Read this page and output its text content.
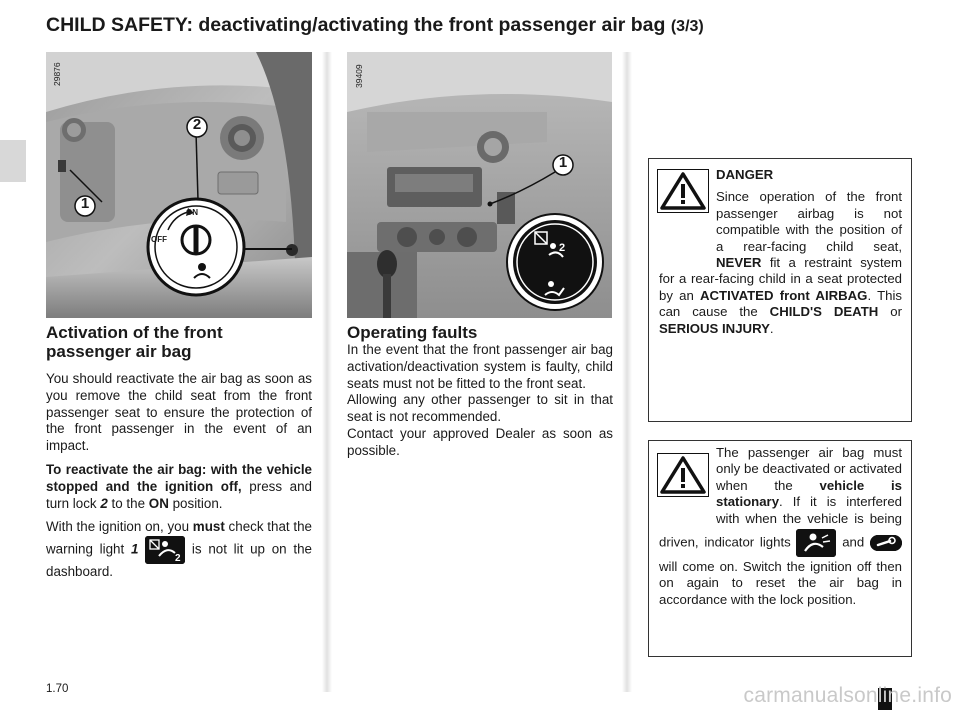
CHILD SAFETY: deactivating/activating the front passenger air bag (3/3)
29876
1
2
ON
OFF
39409
1
2
Activation of the front passenger air bag

You should reactivate the air bag as soon as you remove the child seat from the front passenger seat to ensure the protection of the front passenger in the event of an impact.

To reactivate the air bag: with the vehicle stopped and the ignition off, press and turn lock 2 to the ON position.

With the ignition on, you must check that the warning light 1
2
is not lit up on the dashboard.

Operating faults

In the event that the front passenger air bag activation/deactivation system is faulty, child seats must not be fitted to the front seat.

Allowing any other passenger to sit in that seat is not recommended.

Contact your approved Dealer as soon as possible.

DANGER
Since operation of the front passenger airbag is not compatible with the position of a rear-facing child seat, NEVER fit a restraint system for a rear-facing child in a seat protected by an ACTIVATED front AIRBAG. This can cause the CHILD'S DEATH or SERIOUS INJURY.
The passenger air bag must only be deactivated or activated when the vehicle is stationary. If it is interfered with when the vehicle is being driven, indicator lights	and
will come on. Switch the ignition off then on again to reset the air bag in accordance with the lock position.
1.70	carmanualsonline.info
